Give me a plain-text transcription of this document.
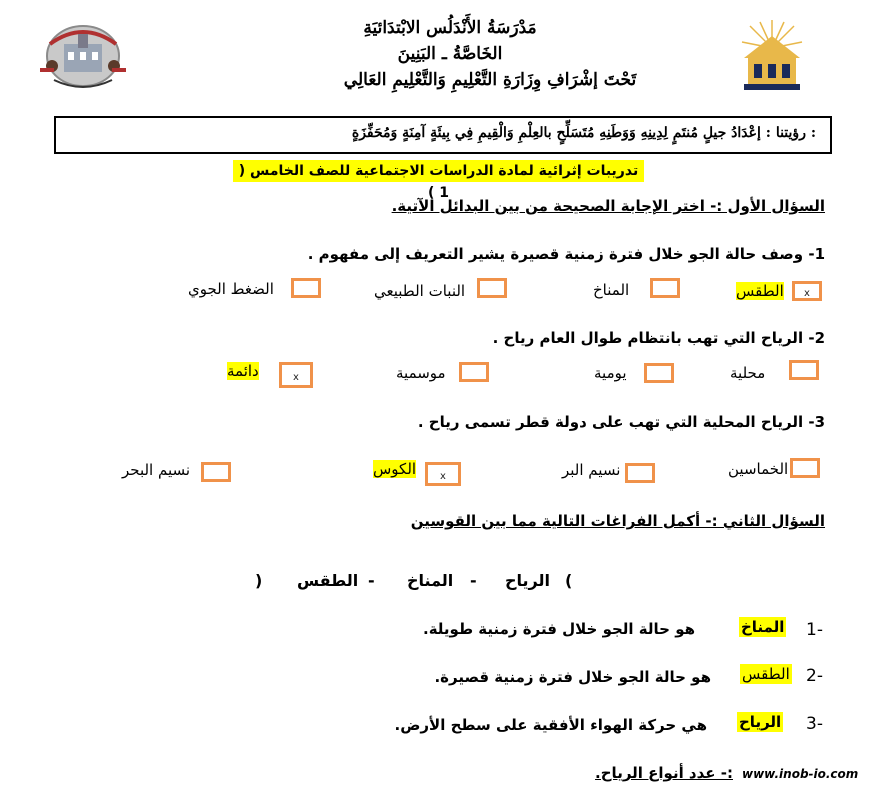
مَدْرَسَةُ الأَنْدَلُس الابْتدَائيَةِ
الخَاصَّةُ ـ البَنِينَ
تَحْتَ إشْرَافِ وِزَارَةِ التَّعْلِيمِ وَالتَّعْلِيمِ العَالِي
: رؤيتنا : إعْدَادُ جيلٍ مُنتَمٍ لِدِينِهِ وَوَطَنِهِ مُتَسَلِّحٍ بالعِلْمِ وَالْقِيمِ فِي بِيئَةٍ آمِنَةٍ وَمُحَفِّزَةٍ
تدريبات إثرائية لمادة الدراسات الاجتماعية للصف الخامس ( 1 )
السؤال الأول :- اختر الإجابة الصحيحة من بين البدائل الآتية.
1- وصف حالة الجو خلال فترة زمنية قصيرة يشير التعريف إلى مفهوم .
x
الطقس
المناخ
النبات الطبيعي
الضغط الجوي
2- الرياح التي تهب بانتظام طوال العام رياح .
محلية
يومية
موسمية
x
دائمة
3- الرياح المحلية التي تهب على دولة قطر تسمى رياح .
الخماسين
نسيم البر
x
الكوس
نسيم البحر
السؤال الثاني :- أكمل الفراغات التالية مما بين القوسين
) الطقس - المناخ - الرياح (
1-
المناخ
هو حالة الجو خلال فترة زمنية طويلة.
2-
الطقس
هو حالة الجو خلال فترة زمنية قصيرة.
3-
الرياح
هي حركة الهواء الأفقية على سطح الأرض.
:- عدد أنواع الرياح. www.inob-io.com
